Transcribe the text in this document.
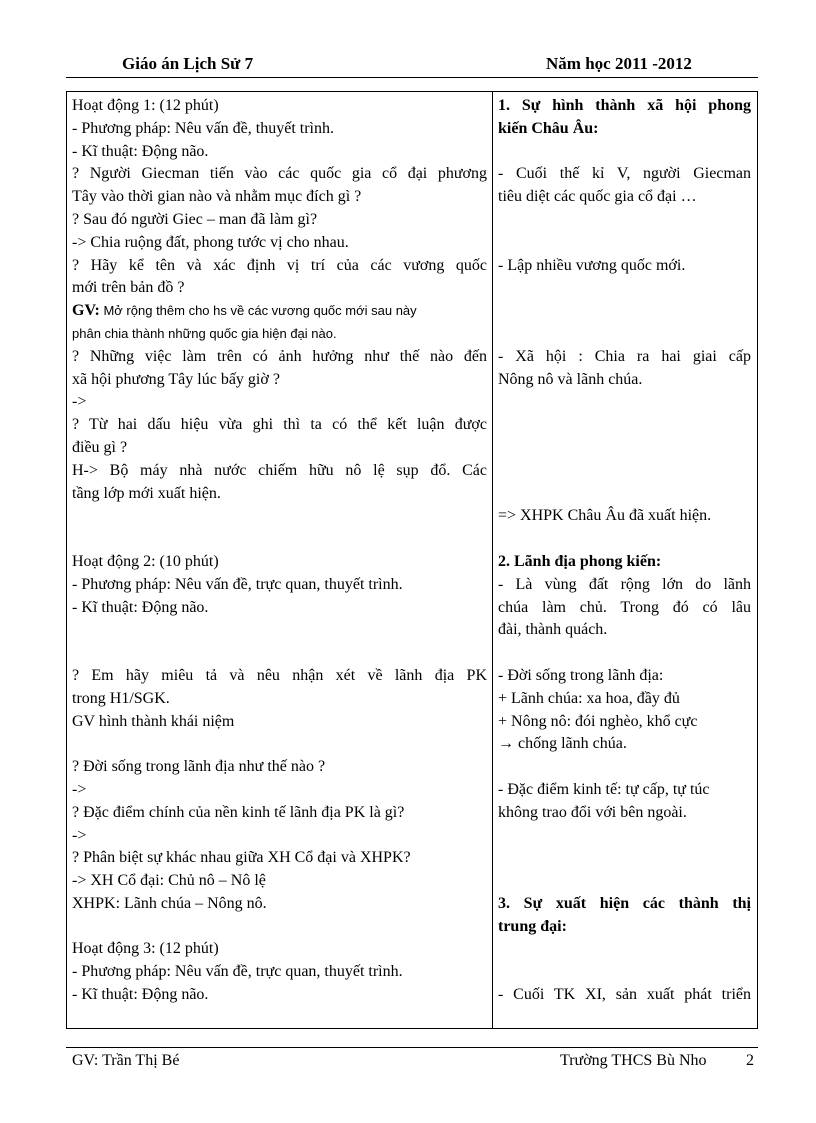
Giáo án Lịch Sử 7	Năm học 2011 -2012
Hoạt động 1: (12 phút)
- Phương pháp: Nêu vấn đề, thuyết trình.
- Kĩ thuật: Động não.
? Người Giecman tiến vào các quốc gia cổ đại phương
Tây vào thời gian nào và nhằm mục đích gì ?
? Sau đó người Giec – man đã làm gì?
-> Chia ruộng đất, phong tước vị cho nhau.
? Hãy kể tên và xác định vị trí của các vương quốc
mới trên bản đồ ?
GV: Mở rộng thêm cho hs về các vương quốc mới sau này
phân chia thành những quốc gia hiện đại nào.
? Những việc làm trên có ảnh hưởng như thế nào đến
xã hội phương Tây lúc bấy giờ ?
->
? Từ hai dấu hiệu vừa ghi thì ta có thể kết luận được
điều gì ?
H-> Bộ máy nhà nước chiếm hữu nô lệ sụp đổ. Các
tầng lớp mới xuất hiện.
Hoạt động 2: (10 phút)
- Phương pháp: Nêu vấn đề, trực quan, thuyết trình.
- Kĩ thuật: Động não.
? Em hãy miêu tả và nêu nhận xét về lãnh địa PK
trong H1/SGK.
GV hình thành khái niệm
? Đời sống trong lãnh địa như thế nào ?
->
? Đặc điểm chính của nền kinh tế lãnh địa PK là gì?
->
? Phân biệt sự khác nhau giữa XH Cổ đại và XHPK?
-> XH Cổ đại: Chủ nô – Nô lệ
XHPK: Lãnh chúa – Nông nô.
Hoạt động 3: (12 phút)
- Phương pháp: Nêu vấn đề, trực quan, thuyết trình.
- Kĩ thuật: Động não.
1. Sự hình thành xã hội phong
kiến Châu Âu:
- Cuối thế kỉ V, người Giecman
tiêu diệt các quốc gia cổ đại …
- Lập nhiều vương quốc mới.
- Xã hội : Chia ra hai giai cấp
Nông nô và lãnh chúa.
=> XHPK Châu Âu đã xuất hiện.
2. Lãnh địa phong kiến:
- Là vùng đất rộng lớn do lãnh
chúa làm chủ. Trong đó có lâu
đài, thành quách.
- Đời sống trong lãnh địa:
+ Lãnh chúa: xa hoa, đầy đủ
+ Nông nô: đói nghèo, khổ cực
→ chống lãnh chúa.
- Đặc điểm kinh tế: tự cấp, tự túc
không trao đổi với bên ngoài.
3. Sự xuất hiện các thành thị
trung đại:
- Cuối TK XI, sản xuất phát triển
GV: Trần Thị Bé	Trường THCS Bù Nho 2
